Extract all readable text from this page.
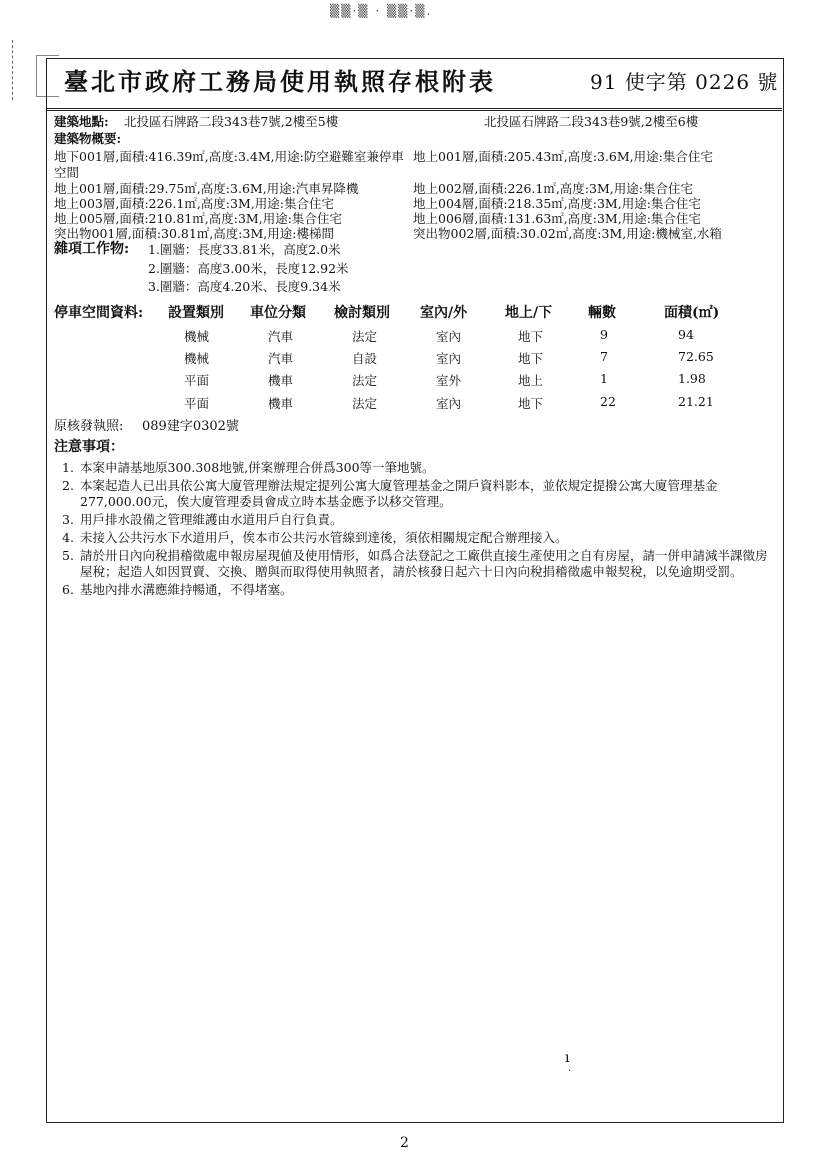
▒▒·▒ · ▒▒·▒.
臺北市政府工務局使用執照存根附表	91 使字第 0226 號
建築地點: 北投區石牌路二段343巷7號,2樓至5樓	北投區石牌路二段343巷9號,2樓至6樓
建築物概要:
地下001層,面積:416.39㎡,高度:3.4M,用途:防空避難室兼停車 地上001層,面積:205.43㎡,高度:3.6M,用途:集合住宅
空間
地上001層,面積:29.75㎡,高度:3.6M,用途:汽車昇降機	地上002層,面積:226.1㎡,高度:3M,用途:集合住宅
地上003層,面積:226.1㎡,高度:3M,用途:集合住宅	地上004層,面積:218.35㎡,高度:3M,用途:集合住宅
地上005層,面積:210.81㎡,高度:3M,用途:集合住宅	地上006層,面積:131.63㎡,高度:3M,用途:集合住宅
突出物001層,面積:30.81㎡,高度:3M,用途:樓梯間	突出物002層,面積:30.02㎡,高度:3M,用途:機械室,水箱
雜項工作物: 1.圍牆：長度33.81米，高度2.0米
2.圍牆：高度3.00米，長度12.92米
3.圍牆：高度4.20米、長度9.34米
停車空間資料: 設置類別 車位分類 檢討類別 室內/外	地上/下	輛數	面積(㎡)
機械	汽車	法定	室內	地下	9	94
機械	汽車	自設	室內	地下	7	72.65
平面	機車	法定	室外	地上	1	1.98
平面	機車	法定	室內	地下	22	21.21
原核發執照: 089建字0302號
注意事項：
1. 本案申請基地原300.308地號,併案辦理合併爲300等一筆地號。
2. 本案起造人已出具依公寓大廈管理辦法規定提列公寓大廈管理基金之開戶資料影本，並依規定提撥公寓大廈管理基金277,000.00元，俟大廈管理委員會成立時本基金應予以移交管理。
3. 用戶排水設備之管理維護由水道用戶自行負責。
4. 未接入公共污水下水道用戶，俟本市公共污水管線到達後，須依相關規定配合辦理接入。
5. 請於卅日內向稅捐稽徵處申報房屋現値及使用情形，如爲合法登記之工廠供直接生產使用之自有房屋，請一併申請減半課徵房屋稅；起造人如因買賣、交換、贈與而取得使用執照者，請於核發日起六十日內向稅捐稽徵處申報契稅，以免逾期受罰。
6. 基地內排水溝應維持暢通，不得堵塞。
ı
·
2
